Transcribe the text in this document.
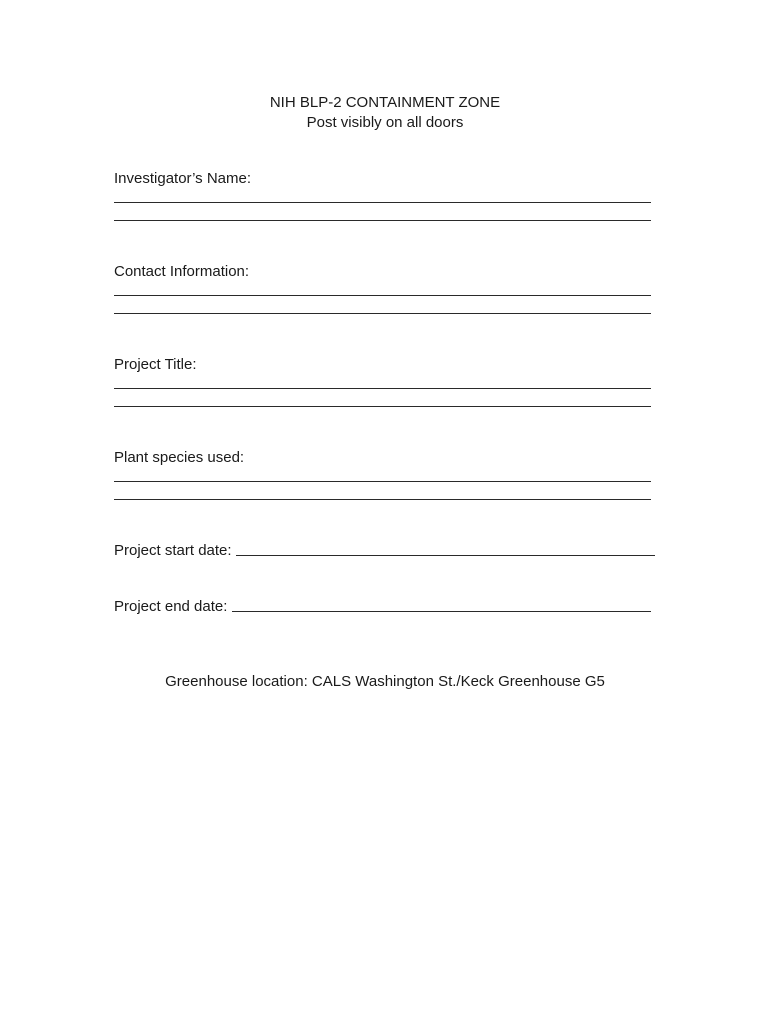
NIH BLP-2 CONTAINMENT ZONE
Post visibly on all doors
Investigator’s Name:
Contact Information:
Project Title:
Plant species used:
Project start date:
Project end date:
Greenhouse location: CALS Washington St./Keck Greenhouse G5
